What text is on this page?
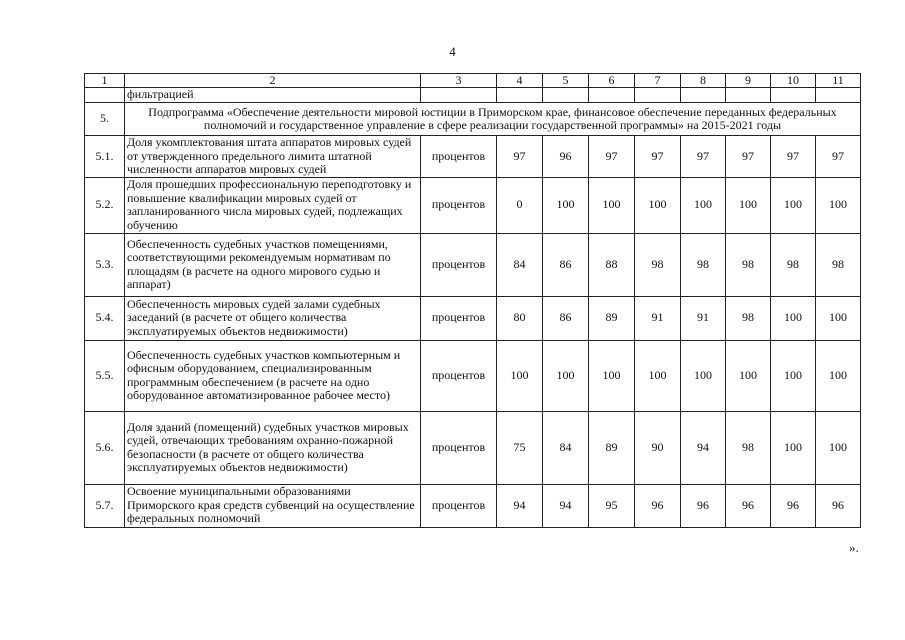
4
1	2	3	4	5	6	7	8	9	10	11
	фильтрацией									
5.	Подпрограмма «Обеспечение деятельности мировой юстиции в Приморском крае, финансовое обеспечение переданных федеральных полномочий и государственное управление в сфере реализации государственной программы» на 2015-2021 годы									
5.1.	Доля укомплектования штата аппаратов мировых судей от утвержденного предельного лимита штатной численности аппаратов мировых судей	процентов	97	96	97	97	97	97	97	97
5.2.	Доля прошедших профессиональную переподготовку и повышение квалификации мировых судей от запланированного числа мировых судей, подлежащих обучению	процентов	0	100	100	100	100	100	100	100
5.3.	Обеспеченность судебных участков помещениями, соответствующими рекомендуемым нормативам по площадям (в расчете на одного мирового судью и аппарат)	процентов	84	86	88	98	98	98	98	98
5.4.	Обеспеченность мировых судей залами судебных заседаний (в расчете от общего количества эксплуатируемых объектов недвижимости)	процентов	80	86	89	91	91	98	100	100
5.5.	Обеспеченность судебных участков компьютерным и офисным оборудованием, специализированным программным обеспечением (в расчете на одно оборудованное автоматизированное рабочее место)	процентов	100	100	100	100	100	100	100	100
5.6.	Доля зданий (помещений) судебных участков мировых судей, отвечающих требованиям охранно-пожарной безопасности (в расчете от общего количества эксплуатируемых объектов недвижимости)	процентов	75	84	89	90	94	98	100	100
5.7.	Освоение муниципальными образованиями Приморского края средств субвенций на осуществление федеральных полномочий	процентов	94	94	95	96	96	96	96	96
».
